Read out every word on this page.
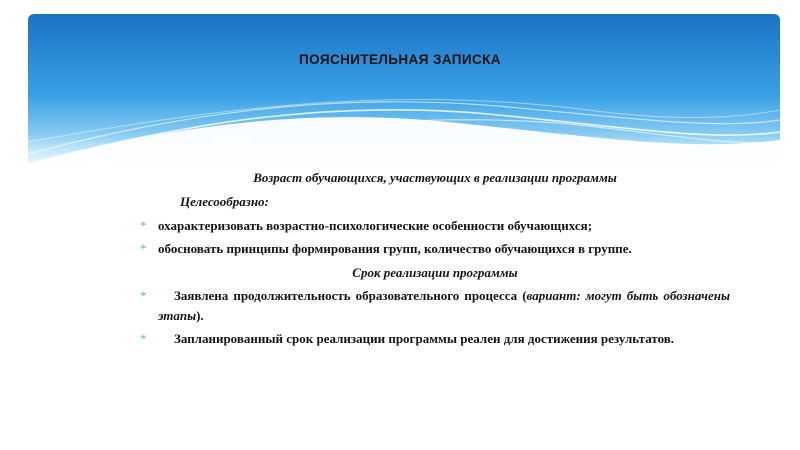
ПОЯСНИТЕЛЬНАЯ ЗАПИСКА
Возраст обучающихся, участвующих в реализации программы
Целесообразно:
* охарактеризовать возрастно-психологические особенности обучающихся;
* обосновать принципы формирования групп, количество обучающихся в группе.
Срок реализации программы
* Заявлена продолжительность образовательного процесса (вариант: могут быть обозначены этапы).
* Запланированный срок реализации программы реален для достижения результатов.
